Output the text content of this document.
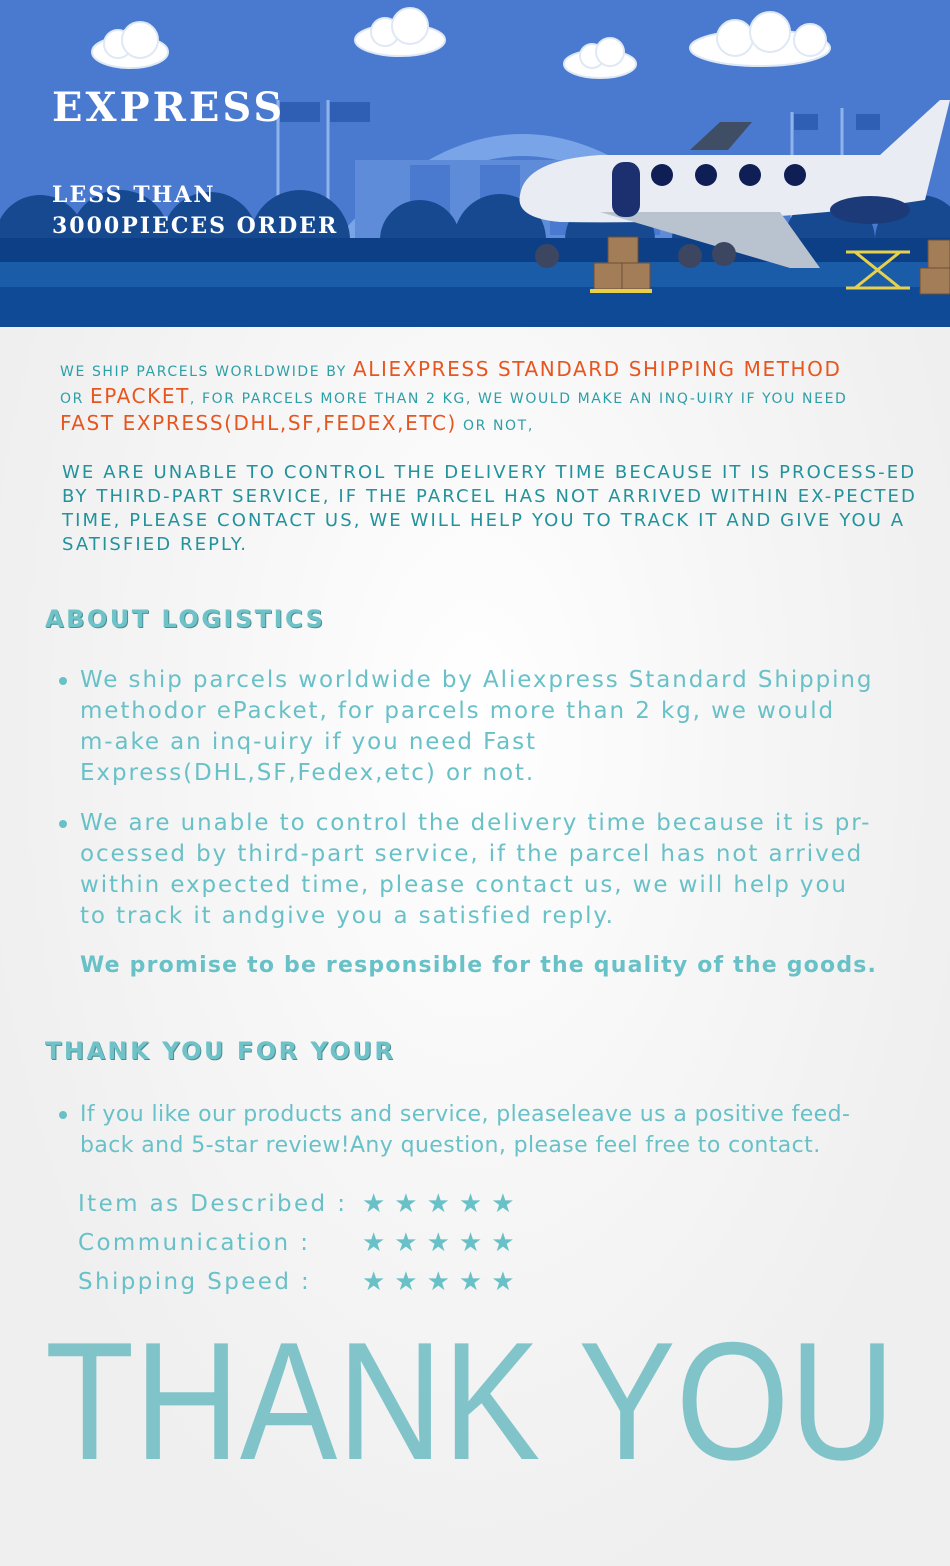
EXPRESS
LESS THAN
3000PIECES ORDER

WE SHIP PARCELS WORLDWIDE BY ALIEXPRESS STANDARD SHIPPING METHOD
OR EPACKET, FOR PARCELS MORE THAN 2 KG, WE WOULD MAKE AN INQ-UIRY IF YOU NEED
FAST EXPRESS(DHL,SF,FEDEX,ETC) OR NOT,

WE ARE UNABLE TO CONTROL THE DELIVERY TIME BECAUSE IT IS PROCESS-ED BY THIRD-PART SERVICE, IF THE PARCEL HAS NOT ARRIVED WITHIN EX-PECTED TIME, PLEASE CONTACT US, WE WILL HELP YOU TO TRACK IT AND GIVE YOU A SATISFIED REPLY.

ABOUT LOGISTICS
We ship parcels worldwide by Aliexpress Standard Shipping methodor ePacket, for parcels more than 2 kg, we would m-ake an inq-uiry if you need Fast Express(DHL,SF,Fedex,etc) or not.
We are unable to control the delivery time because it is pr-ocessed by third-part service, if the parcel has not arrived within expected time, please contact us, we will help you to track it andgive you a satisfied reply.
We promise to be responsible for the quality of the goods.
THANK YOU FOR YOUR
If you like our products and service, pleaseleave us a positive feed-back and 5-star review!Any question, please feel free to contact.
Item as Described : ★★★★★
Communication :	★★★★★
Shipping Speed :	★★★★★
THANK YOU
